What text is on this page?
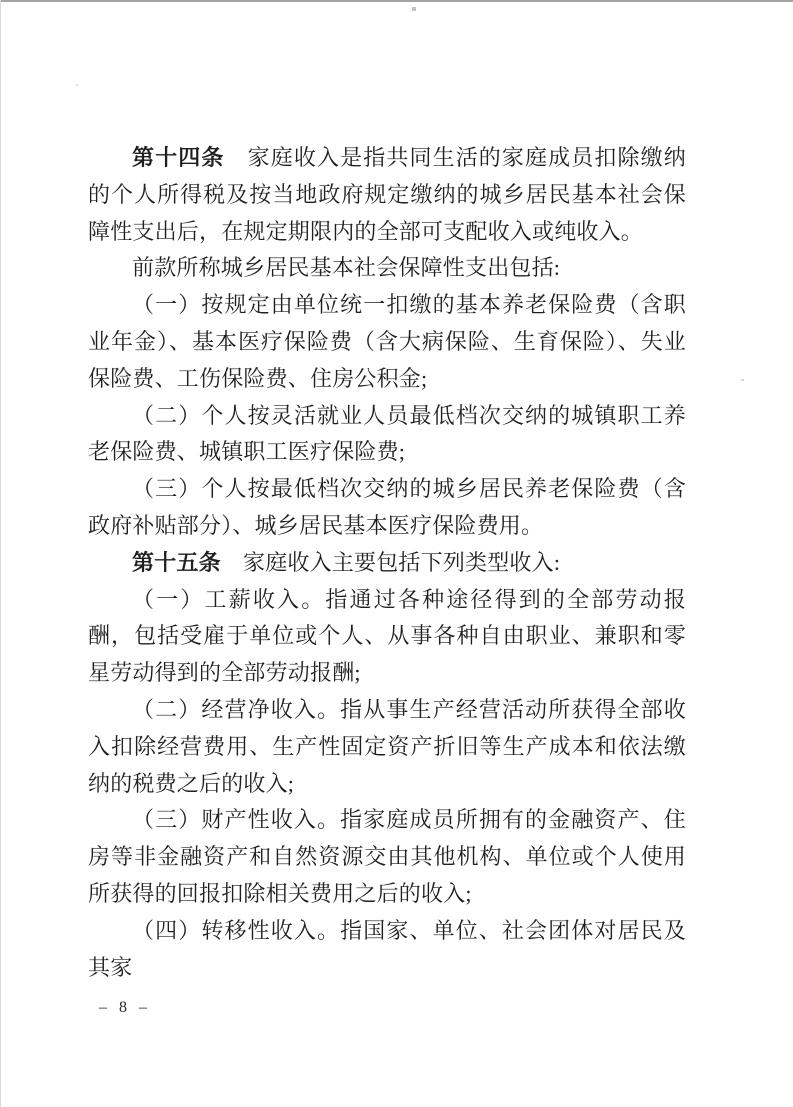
第十四条　家庭收入是指共同生活的家庭成员扣除缴纳的个人所得税及按当地政府规定缴纳的城乡居民基本社会保障性支出后，在规定期限内的全部可支配收入或纯收入。

前款所称城乡居民基本社会保障性支出包括:

（一）按规定由单位统一扣缴的基本养老保险费（含职业年金）、基本医疗保险费（含大病保险、生育保险）、失业保险费、工伤保险费、住房公积金;

（二）个人按灵活就业人员最低档次交纳的城镇职工养老保险费、城镇职工医疗保险费;

（三）个人按最低档次交纳的城乡居民养老保险费（含政府补贴部分）、城乡居民基本医疗保险费用。

第十五条　家庭收入主要包括下列类型收入:

（一）工薪收入。指通过各种途径得到的全部劳动报酬，包括受雇于单位或个人、从事各种自由职业、兼职和零星劳动得到的全部劳动报酬;

（二）经营净收入。指从事生产经营活动所获得全部收入扣除经营费用、生产性固定资产折旧等生产成本和依法缴纳的税费之后的收入;

（三）财产性收入。指家庭成员所拥有的金融资产、住房等非金融资产和自然资源交由其他机构、单位或个人使用所获得的回报扣除相关费用之后的收入;

（四）转移性收入。指国家、单位、社会团体对居民及其家

– 8 –
